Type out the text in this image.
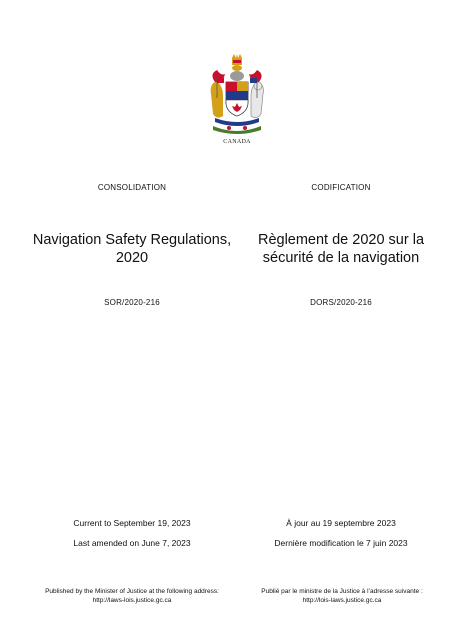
CANADA
CONSOLIDATION
Navigation Safety Regulations,
2020
SOR/2020-216
Current to September 19, 2023
Last amended on June 7, 2023
Published by the Minister of Justice at the following address:
http://laws-lois.justice.gc.ca
CODIFICATION
Règlement de 2020 sur la
sécurité de la navigation
DORS/2020-216
À jour au 19 septembre 2023
Dernière modification le 7 juin 2023
Publié par le ministre de la Justice à l’adresse suivante :
http://lois-laws.justice.gc.ca
